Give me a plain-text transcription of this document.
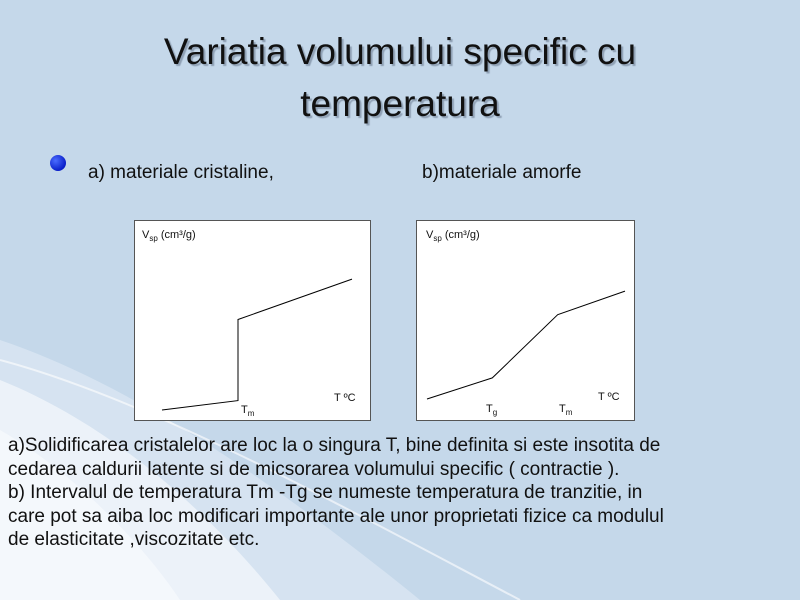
Variatia volumului specific cu
temperatura
a) materiale cristaline,	b)materiale amorfe
$V_{sp}$ (cm³/g)
T ºC
$T_m$
$V_{sp}$ (cm³/g)
T ºC
$T_g$	$T_m$

a)Solidificarea cristalelor are loc la o singura T, bine definita si este insotita de

cedarea caldurii latente si de micsorarea volumului specific ( contractie ).

b) Intervalul de temperatura Tm -Tg se numeste temperatura de tranzitie, in

care pot sa aiba loc modificari importante ale unor proprietati fizice ca modulul

de elasticitate ,viscozitate etc.
